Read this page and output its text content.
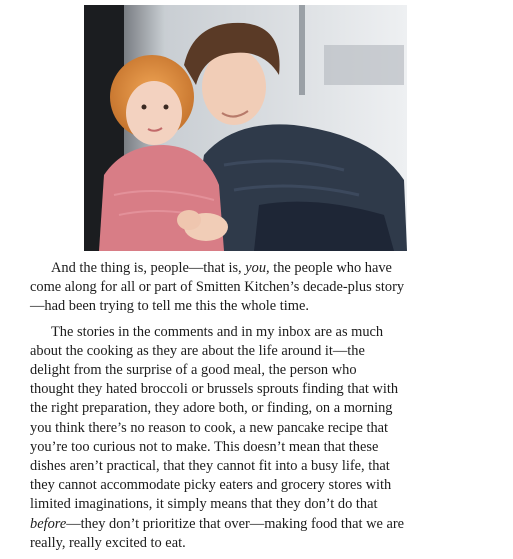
And the thing is, people—that is, you, the people who have
come along for all or part of Smitten Kitchen’s decade-plus story
—had been trying to tell me this the whole time.

The stories in the comments and in my inbox are as much
about the cooking as they are about the life around it—the
delight from the surprise of a good meal, the person who
thought they hated broccoli or brussels sprouts finding that with
the right preparation, they adore both, or finding, on a morning
you think there’s no reason to cook, a new pancake recipe that
you’re too curious not to make. This doesn’t mean that these
dishes aren’t practical, that they cannot fit into a busy life, that
they cannot accommodate picky eaters and grocery stores with
limited imaginations, it simply means that they don’t do that
before—they don’t prioritize that over—making food that we are
really, really excited to eat.
